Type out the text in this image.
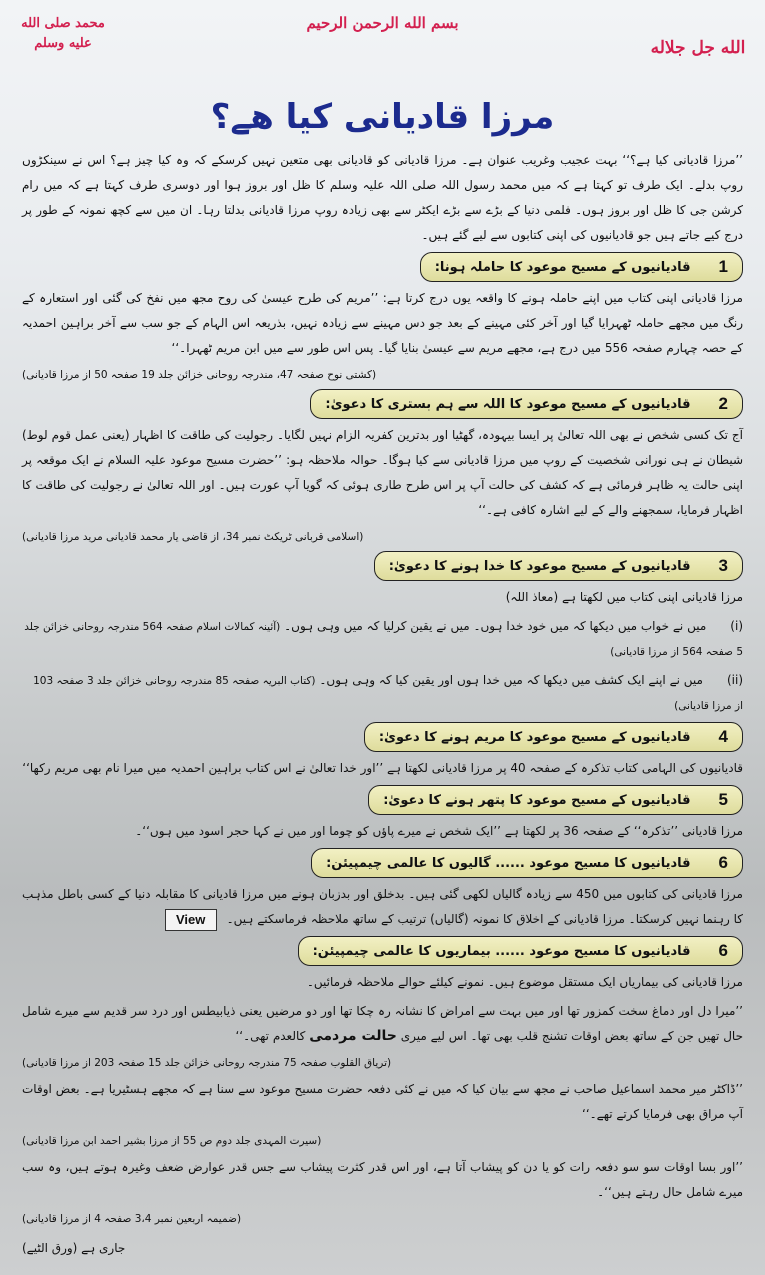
بسم الله الرحمن الرحيم
الله جل جلاله
محمد صلى الله عليه وسلم
مرزا قادیانی کیا ھے؟

’’مرزا قادیانی کیا ہے؟‘‘ بہت عجیب وغریب عنوان ہے۔ مرزا قادیانی کو قادیانی بھی متعین نہیں کرسکے کہ وہ کیا چیز ہے؟ اس نے سینکڑوں روپ بدلے۔ ایک طرف تو کہتا ہے کہ میں محمد رسول اللہ صلی اللہ علیہ وسلم کا ظل اور بروز ہوا اور دوسری طرف کہتا ہے کہ میں رام کرشن جی کا ظل اور بروز ہوں۔ فلمی دنیا کے بڑے سے بڑے ایکٹر سے بھی زیادہ روپ مرزا قادیانی بدلتا رہا۔ ان میں سے کچھ نمونہ کے طور پر درج کیے جاتے ہیں جو قادیانیوں کی اپنی کتابوں سے لیے گئے ہیں۔

1
قادیانیوں کے مسیح موعود کا حاملہ ہونا:

مرزا قادیانی اپنی کتاب میں اپنے حاملہ ہونے کا واقعہ یوں درج کرتا ہے: ’’مریم کی طرح عیسیٰ کی روح مجھ میں نفخ کی گئی اور استعارہ کے رنگ میں مجھے حاملہ ٹھہرایا گیا اور آخر کئی مہینے کے بعد جو دس مہینے سے زیادہ نہیں، بذریعہ اس الہام کے جو سب سے آخر براہین احمدیہ کے حصہ چہارم صفحہ 556 میں درج ہے، مجھے مریم سے عیسیٰ بنایا گیا۔ پس اس طور سے میں ابن مریم ٹھہرا۔‘‘

(کشتی نوح صفحہ 47، مندرجہ روحانی خزائن جلد 19 صفحہ 50 از مرزا قادیانی)

2
قادیانیوں کے مسیح موعود کا اللہ سے ہم بستری کا دعویٰ:

آج تک کسی شخص نے بھی اللہ تعالیٰ پر ایسا بیہودہ، گھٹیا اور بدترین کفریہ الزام نہیں لگایا۔ رجولیت کی طاقت کا اظہار (یعنی عمل قوم لوط) شیطان نے ہی نورانی شخصیت کے روپ میں مرزا قادیانی سے کیا ہوگا۔ حوالہ ملاحظہ ہو: ’’حضرت مسیح موعود علیہ السلام نے ایک موقعہ پر اپنی حالت یہ ظاہر فرمائی ہے کہ کشف کی حالت آپ پر اس طرح طاری ہوئی کہ گویا آپ عورت ہیں۔ اور اللہ تعالیٰ نے رجولیت کی طاقت کا اظہار فرمایا، سمجھنے والے کے لیے اشارہ کافی ہے۔‘‘

(اسلامی قربانی ٹریکٹ نمبر 34، از قاضی یار محمد قادیانی مرید مرزا قادیانی)

3
قادیانیوں کے مسیح موعود کا خدا ہونے کا دعویٰ:

مرزا قادیانی اپنی کتاب میں لکھتا ہے (معاذ اللہ)

(i)میں نے خواب میں دیکھا کہ میں خود خدا ہوں۔ میں نے یقین کرلیا کہ میں وہی ہوں۔ (آئینہ کمالات اسلام صفحہ 564 مندرجہ روحانی خزائن جلد 5 صفحہ 564 از مرزا قادیانی)
(ii)میں نے اپنے ایک کشف میں دیکھا کہ میں خدا ہوں اور یقین کیا کہ وہی ہوں۔ (کتاب البریہ صفحہ 85 مندرجہ روحانی خزائن جلد 3 صفحہ 103 از مرزا قادیانی)
4
قادیانیوں کے مسیح موعود کا مریم ہونے کا دعویٰ:

قادیانیوں کی الہامی کتاب تذکرہ کے صفحہ 40 پر مرزا قادیانی لکھتا ہے ’’اور خدا تعالیٰ نے اس کتاب براہین احمدیہ میں میرا نام بھی مریم رکھا‘‘

5
قادیانیوں کے مسیح موعود کا پتھر ہونے کا دعویٰ:

مرزا قادیانی ’’تذکرہ‘‘ کے صفحہ 36 پر لکھتا ہے ’’ایک شخص نے میرے پاؤں کو چوما اور میں نے کہا حجر اسود میں ہوں‘‘۔

6
قادیانیوں کا مسیح موعود ...... گالیوں کا عالمی چیمپیئن:

مرزا قادیانی کی کتابوں میں 450 سے زیادہ گالیاں لکھی گئی ہیں۔ بدخلق اور بدزبان ہونے میں مرزا قادیانی کا مقابلہ دنیا کے کسی باطل مذہب کا رہنما نہیں کرسکتا۔ مرزا قادیانی کے اخلاق کا نمونہ (گالیاں) ترتیب کے ساتھ ملاحظہ فرماسکتے ہیں۔View

6
قادیانیوں کا مسیح موعود ...... بیماریوں کا عالمی چیمپیئن:

مرزا قادیانی کی بیماریاں ایک مستقل موضوع ہیں۔ نمونے کیلئے حوالے ملاحظہ فرمائیں۔

’’میرا دل اور دماغ سخت کمزور تھا اور میں بہت سے امراض کا نشانہ رہ چکا تھا اور دو مرضیں یعنی ذیابیطس اور درد سر قدیم سے میرے شامل حال تھیں جن کے ساتھ بعض اوقات تشنج قلب بھی تھا۔ اس لیے میری حالت مردمی کالعدم تھی۔‘‘

(تریاق القلوب صفحہ 75 مندرجہ روحانی خزائن جلد 15 صفحہ 203 از مرزا قادیانی)

’’ڈاکٹر میر محمد اسماعیل صاحب نے مجھ سے بیان کیا کہ میں نے کئی دفعہ حضرت مسیح موعود سے سنا ہے کہ مجھے ہسٹیریا ہے۔ بعض اوقات آپ مراق بھی فرمایا کرتے تھے۔‘‘

(سیرت المہدی جلد دوم ص 55 از مرزا بشیر احمد ابن مرزا قادیانی)

’’اور بسا اوقات سو سو دفعہ رات کو یا دن کو پیشاب آتا ہے، اور اس قدر کثرت پیشاب سے جس قدر عوارض ضعف وغیرہ ہوتے ہیں، وہ سب میرے شامل حال رہتے ہیں‘‘۔

(ضمیمہ اربعین نمبر 3،4 صفحہ 4 از مرزا قادیانی)

جاری ہے (ورق الٹیے)
